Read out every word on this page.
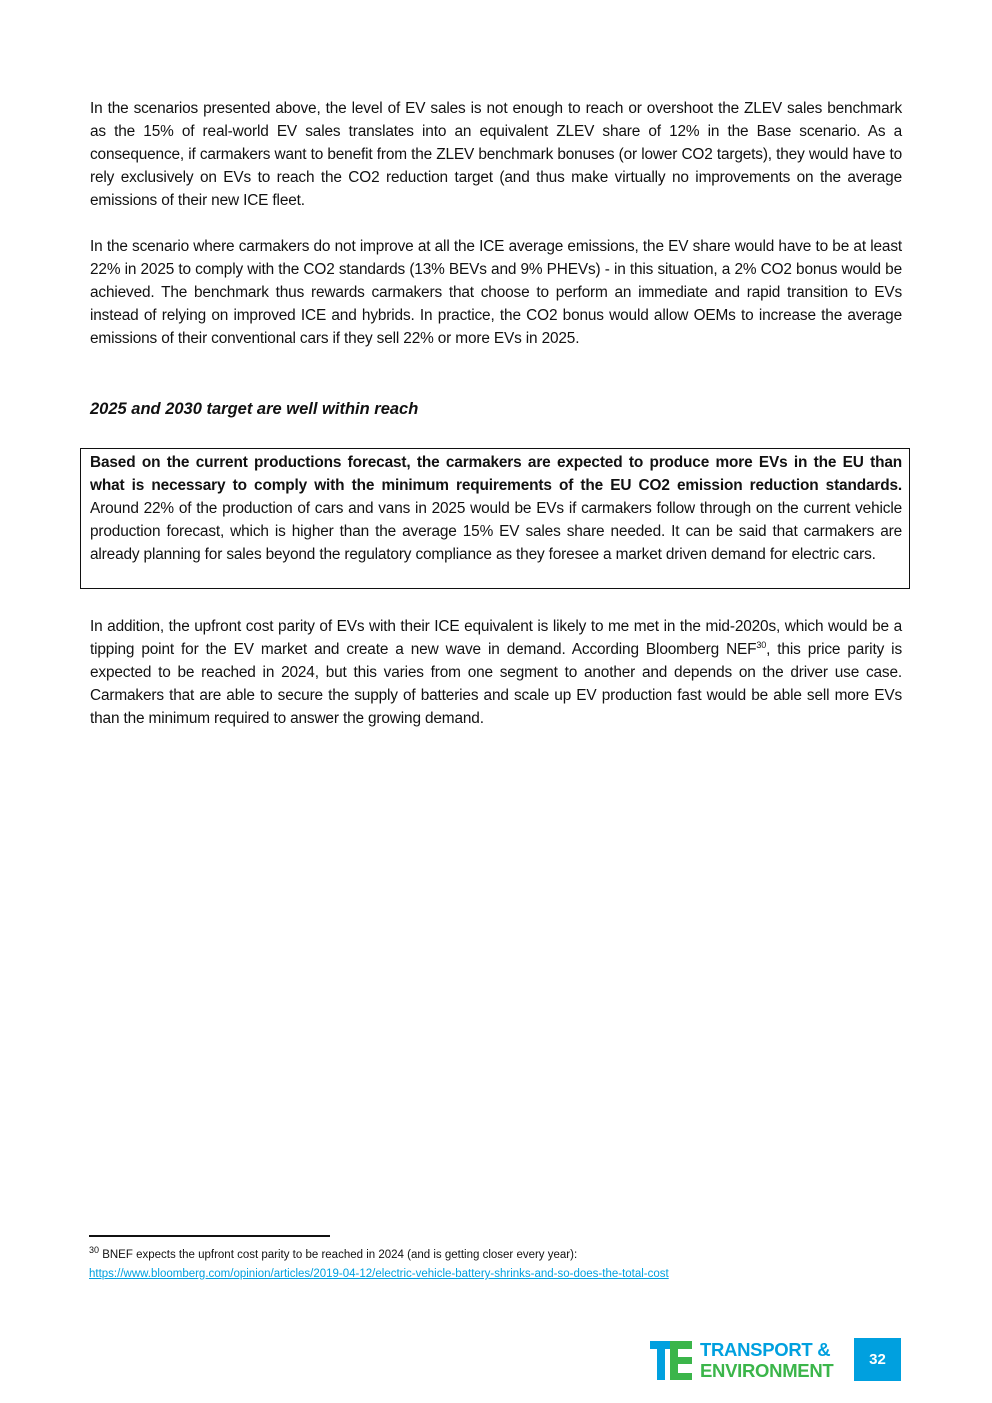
In the scenarios presented above, the level of EV sales is not enough to reach or overshoot the ZLEV sales benchmark as the 15% of real-world EV sales translates into an equivalent ZLEV share of 12% in the Base scenario. As a consequence, if carmakers want to benefit from the ZLEV benchmark bonuses (or lower CO2 targets), they would have to rely exclusively on EVs to reach the CO2 reduction target (and thus make virtually no improvements on the average emissions of their new ICE fleet.

In the scenario where carmakers do not improve at all the ICE average emissions, the EV share would have to be at least 22% in 2025 to comply with the CO2 standards (13% BEVs and 9% PHEVs) - in this situation, a 2% CO2 bonus would be achieved. The benchmark thus rewards carmakers that choose to perform an immediate and rapid transition to EVs instead of relying on improved ICE and hybrids. In practice, the CO2 bonus would allow OEMs to increase the average emissions of their conventional cars if they sell 22% or more EVs in 2025.

2025 and 2030 target are well within reach

Based on the current productions forecast, the carmakers are expected to produce more EVs in the EU than what is necessary to comply with the minimum requirements of the EU CO2 emission reduction standards. Around 22% of the production of cars and vans in 2025 would be EVs if carmakers follow through on the current vehicle production forecast, which is higher than the average 15% EV sales share needed. It can be said that carmakers are already planning for sales beyond the regulatory compliance as they foresee a market driven demand for electric cars.

In addition, the upfront cost parity of EVs with their ICE equivalent is likely to me met in the mid-2020s, which would be a tipping point for the EV market and create a new wave in demand. According Bloomberg NEF$^{30}$, this price parity is expected to be reached in 2024, but this varies from one segment to another and depends on the driver use case. Carmakers that are able to secure the supply of batteries and scale up EV production fast would be able sell more EVs than the minimum required to answer the growing demand.

$^{30}$ BNEF expects the upfront cost parity to be reached in 2024 (and is getting closer every year):
https://www.bloomberg.com/opinion/articles/2019-04-12/electric-vehicle-battery-shrinks-and-so-does-the-total-cost

TRANSPORT &
ENVIRONMENT
32
